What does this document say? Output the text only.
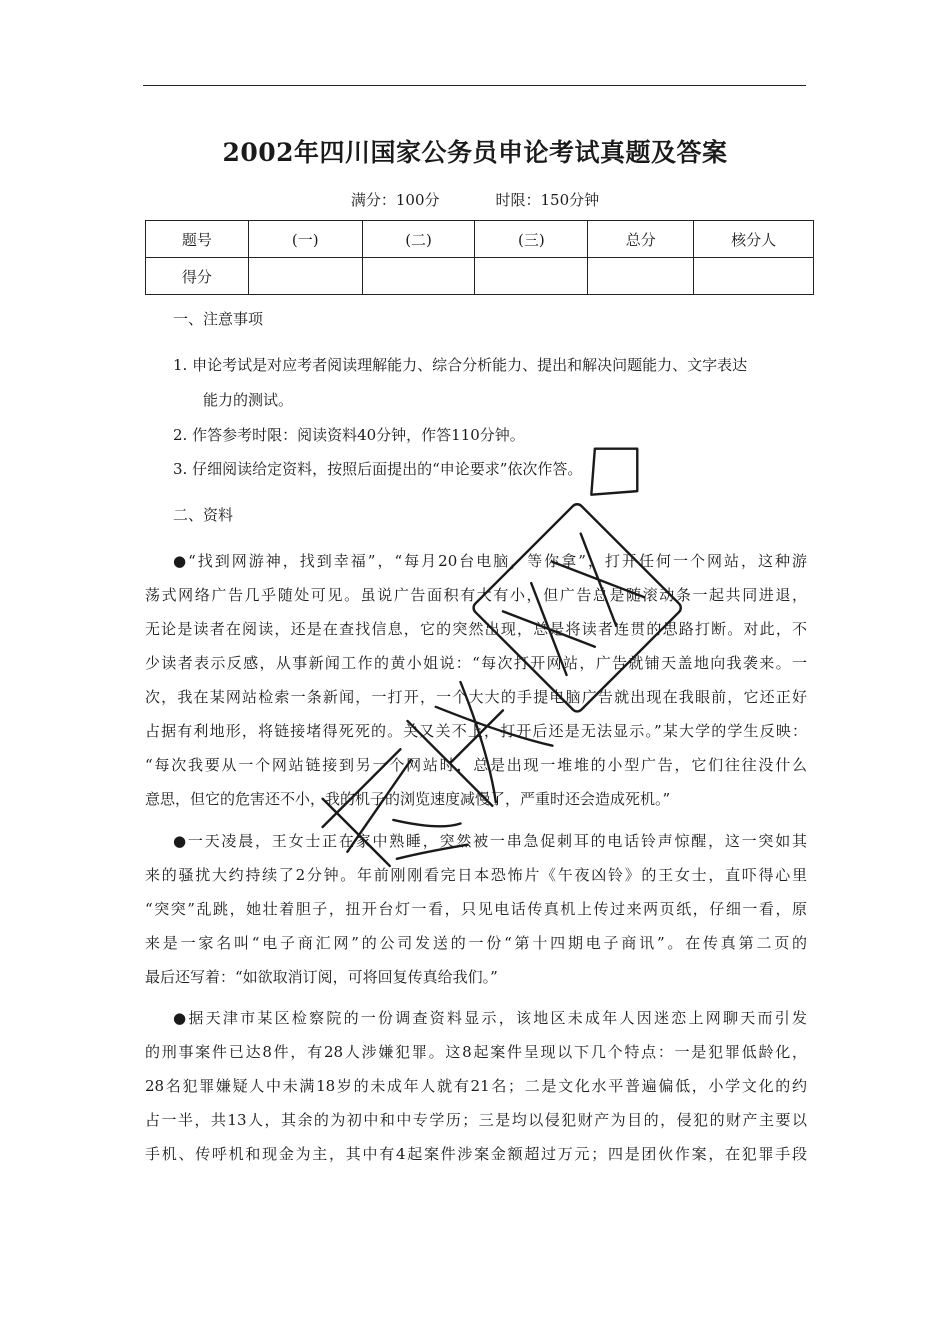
2002年四川国家公务员申论考试真题及答案
满分：100分	时限：150分钟
题号	(一)	(二)	(三)	总分	核分人
得分					
一、注意事项
1. 申论考试是对应考者阅读理解能力、综合分析能力、提出和解决问题能力、文字表达
能力的测试。
2. 作答参考时限：阅读资料40分钟，作答110分钟。
3. 仔细阅读给定资料，按照后面提出的“申论要求”依次作答。
二、资料
●“找到网游神，找到幸福”，“每月20台电脑，等你拿”，打开任何一个网站，这种游
荡式网络广告几乎随处可见。虽说广告面积有大有小，但广告总是随滚动条一起共同进退，
无论是读者在阅读，还是在查找信息，它的突然出现，总是将读者连贯的思路打断。对此，不
少读者表示反感，从事新闻工作的黄小姐说：“每次打开网站，广告就铺天盖地向我袭来。一
次，我在某网站检索一条新闻，一打开，一个大大的手提电脑广告就出现在我眼前，它还正好
占据有利地形，将链接堵得死死的。关又关不上，打开后还是无法显示。”某大学的学生反映：
“每次我要从一个网站链接到另一个网站时，总是出现一堆堆的小型广告，它们往往没什么
意思，但它的危害还不小，我的机子的浏览速度减慢了，严重时还会造成死机。”
●一天凌晨，王女士正在家中熟睡，突然被一串急促刺耳的电话铃声惊醒，这一突如其
来的骚扰大约持续了2分钟。年前刚刚看完日本恐怖片《午夜凶铃》的王女士，直吓得心里
“突突”乱跳，她壮着胆子，扭开台灯一看，只见电话传真机上传过来两页纸，仔细一看，原
来是一家名叫“电子商汇网”的公司发送的一份“第十四期电子商讯”。在传真第二页的
最后还写着：“如欲取消订阅，可将回复传真给我们。”
●据天津市某区检察院的一份调查资料显示，该地区未成年人因迷恋上网聊天而引发
的刑事案件已达8件，有28人涉嫌犯罪。这8起案件呈现以下几个特点：一是犯罪低龄化，
28名犯罪嫌疑人中未满18岁的未成年人就有21名；二是文化水平普遍偏低，小学文化的约
占一半，共13人，其余的为初中和中专学历；三是均以侵犯财产为目的，侵犯的财产主要以
手机、传呼机和现金为主，其中有4起案件涉案金额超过万元；四是团伙作案，在犯罪手段
